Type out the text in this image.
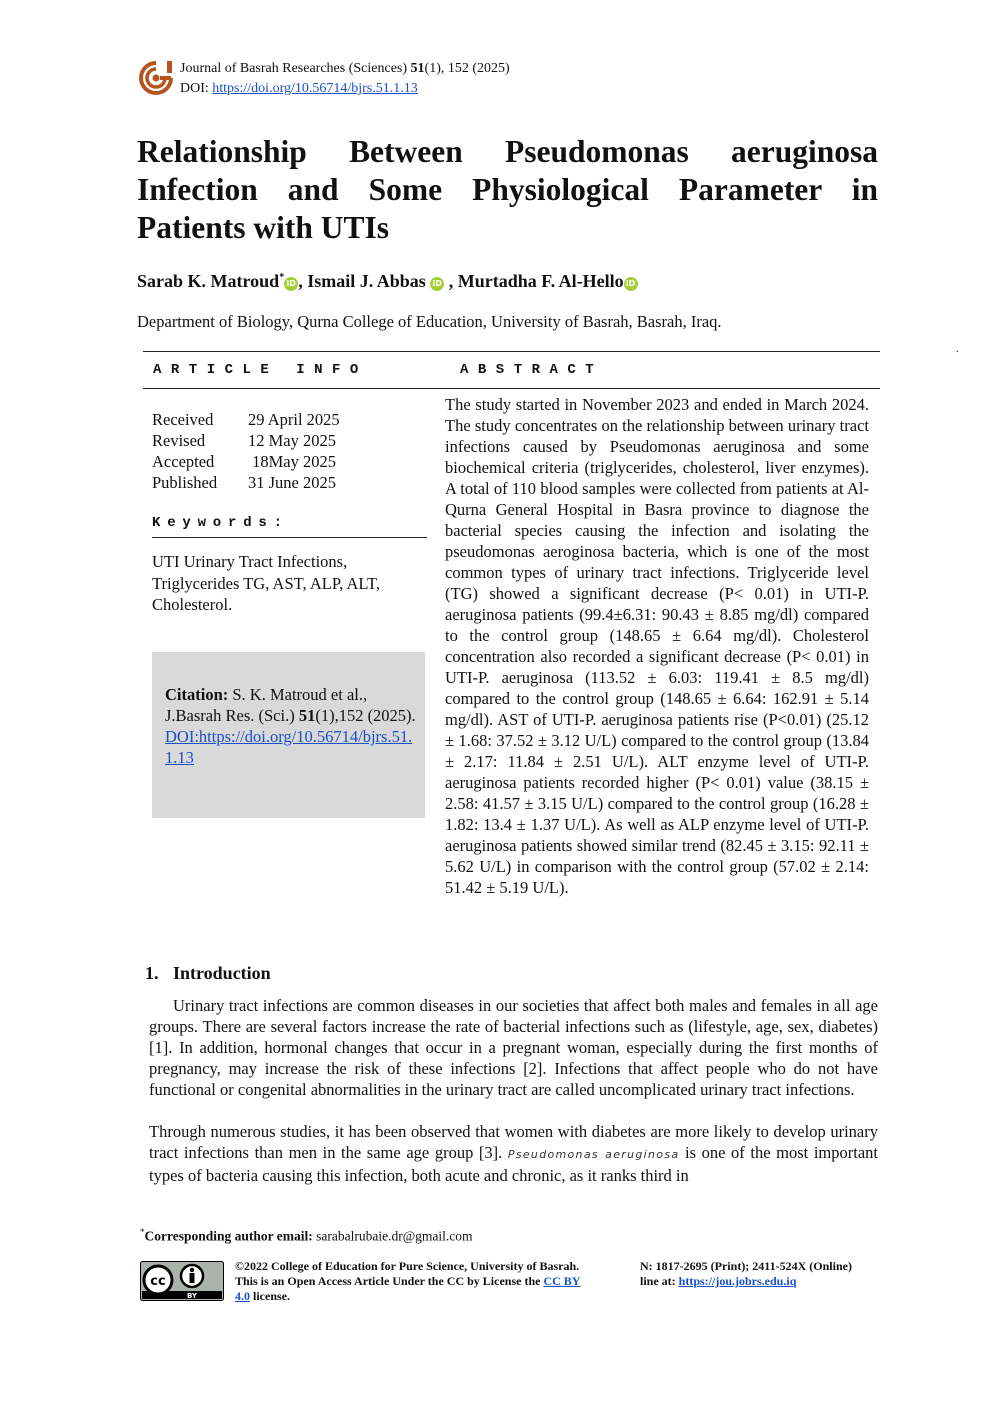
Journal of Basrah Researches (Sciences) 51(1), 152 (2025)
DOI: https://doi.org/10.56714/bjrs.51.1.13
Relationship Between Pseudomonas aeruginosa Infection and Some Physiological Parameter in Patients with UTIs
Sarab K. Matroud*iD , Ismail J. Abbas iD , Murtadha F. Al-Hello iD
Department of Biology, Qurna College of Education, University of Basrah, Basrah, Iraq.
.
ARTICLE INFO	ABSTRACT
Received 29 April 2025
Revised	12 May 2025
Accepted 18May 2025
Published 31 June 2025
Keywords:
UTI Urinary Tract Infections, Triglycerides TG, AST, ALP, ALT, Cholesterol.
Citation: S. K. Matroud et al., J.Basrah Res. (Sci.) 51(1),152 (2025).
DOI:https://doi.org/10.56714/bjrs.51.1.13

The study started in November 2023 and ended in March 2024. The study concentrates on the relationship between urinary tract infections caused by Pseudomonas aeruginosa and some biochemical criteria (triglycerides, cholesterol, liver enzymes). A total of 110 blood samples were collected from patients at Al-Qurna General Hospital in Basra province to diagnose the bacterial species causing the infection and isolating the pseudomonas aeroginosa bacteria, which is one of the most common types of urinary tract infections. Triglyceride level (TG) showed a significant decrease (P< 0.01) in UTI-P. aeruginosa patients (99.4±6.31: 90.43 ± 8.85 mg/dl) compared to the control group (148.65 ± 6.64 mg/dl). Cholesterol concentration also recorded a significant decrease (P< 0.01) in UTI-P. aeruginosa (113.52 ± 6.03: 119.41 ± 8.5 mg/dl) compared to the control group (148.65 ± 6.64: 162.91 ± 5.14 mg/dl). AST of UTI-P. aeruginosa patients rise (P<0.01) (25.12 ± 1.68: 37.52 ± 3.12 U/L) compared to the control group (13.84 ± 2.17: 11.84 ± 2.51 U/L). ALT enzyme level of UTI-P. aeruginosa patients recorded higher (P< 0.01) value (38.15 ± 2.58: 41.57 ± 3.15 U/L) compared to the control group (16.28 ± 1.82: 13.4 ± 1.37 U/L). As well as ALP enzyme level of UTI-P. aeruginosa patients showed similar trend (82.45 ± 3.15: 92.11 ± 5.62 U/L) in comparison with the control group (57.02 ± 2.14: 51.42 ± 5.19 U/L).

1. Introduction

Urinary tract infections are common diseases in our societies that affect both males and females in all age groups. There are several factors increase the rate of bacterial infections such as (lifestyle, age, sex, diabetes) [1]. In addition, hormonal changes that occur in a pregnant woman, especially during the first months of pregnancy, may increase the risk of these infections [2]. Infections that affect people who do not have functional or congenital abnormalities in the urinary tract are called uncomplicated urinary tract infections.

Through numerous studies, it has been observed that women with diabetes are more likely to develop urinary tract infections than men in the same age group [3]. Pseudomonas aeruginosa is one of the most important types of bacteria causing this infection, both acute and chronic, as it ranks third in

*Corresponding author email: sarabalrubaie.dr@gmail.com
cc
BY
©2022 College of Education for Pure Science, University of Basrah. This is an Open Access Article Under the CC by License the CC BY 4.0 license.
N: 1817-2695 (Print); 2411-524X (Online)
line at: https://jou.jobrs.edu.iq
